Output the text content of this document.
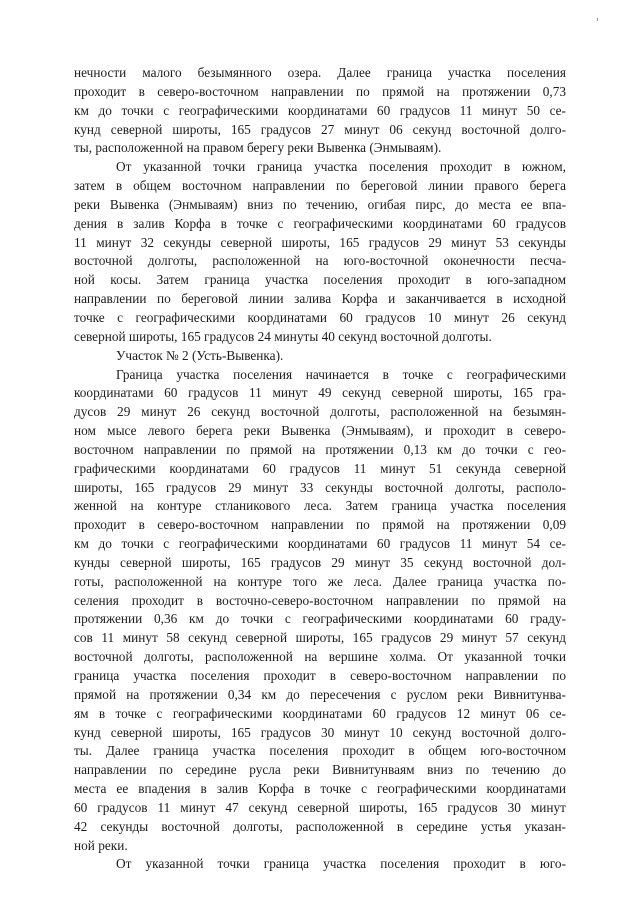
нечности малого безымянного озера. Далее граница участка поселения
проходит в северо-восточном направлении по прямой на протяжении 0,73
км до точки с географическими координатами 60 градусов 11 минут 50 се-
кунд северной широты, 165 градусов 27 минут 06 секунд восточной долго-
ты, расположенной на правом берегу реки Вывенка (Энмываям).
От указанной точки граница участка поселения проходит в южном,
затем в общем восточном направлении по береговой линии правого берега
реки Вывенка (Энмываям) вниз по течению, огибая пирс, до места ее впа-
дения в залив Корфа в точке с географическими координатами 60 градусов
11 минут 32 секунды северной широты, 165 градусов 29 минут 53 секунды
восточной долготы, расположенной на юго-восточной оконечности песча-
ной косы. Затем граница участка поселения проходит в юго-западном
направлении по береговой линии залива Корфа и заканчивается в исходной
точке с географическими координатами 60 градусов 10 минут 26 секунд
северной широты, 165 градусов 24 минуты 40 секунд восточной долготы.
Участок № 2 (Усть-Вывенка).
Граница участка поселения начинается в точке с географическими
координатами 60 градусов 11 минут 49 секунд северной широты, 165 гра-
дусов 29 минут 26 секунд восточной долготы, расположенной на безымян-
ном мысе левого берега реки Вывенка (Энмываям), и проходит в северо-
восточном направлении по прямой на протяжении 0,13 км до точки с гео-
графическими координатами 60 градусов 11 минут 51 секунда северной
широты, 165 градусов 29 минут 33 секунды восточной долготы, располо-
женной на контуре стланикового леса. Затем граница участка поселения
проходит в северо-восточном направлении по прямой на протяжении 0,09
км до точки с географическими координатами 60 градусов 11 минут 54 се-
кунды северной широты, 165 градусов 29 минут 35 секунд восточной дол-
готы, расположенной на контуре того же леса. Далее граница участка по-
селения проходит в восточно-северо-восточном направлении по прямой на
протяжении 0,36 км до точки с географическими координатами 60 граду-
сов 11 минут 58 секунд северной широты, 165 градусов 29 минут 57 секунд
восточной долготы, расположенной на вершине холма. От указанной точки
граница участка поселения проходит в северо-восточном направлении по
прямой на протяжении 0,34 км до пересечения с руслом реки Вивнитунва-
ям в точке с географическими координатами 60 градусов 12 минут 06 се-
кунд северной широты, 165 градусов 30 минут 10 секунд восточной долго-
ты. Далее граница участка поселения проходит в общем юго-восточном
направлении по середине русла реки Вивнитунваям вниз по течению до
места ее впадения в залив Корфа в точке с географическими координатами
60 градусов 11 минут 47 секунд северной широты, 165 градусов 30 минут
42 секунды восточной долготы, расположенной в середине устья указан-
ной реки.
От указанной точки граница участка поселения проходит в юго-
